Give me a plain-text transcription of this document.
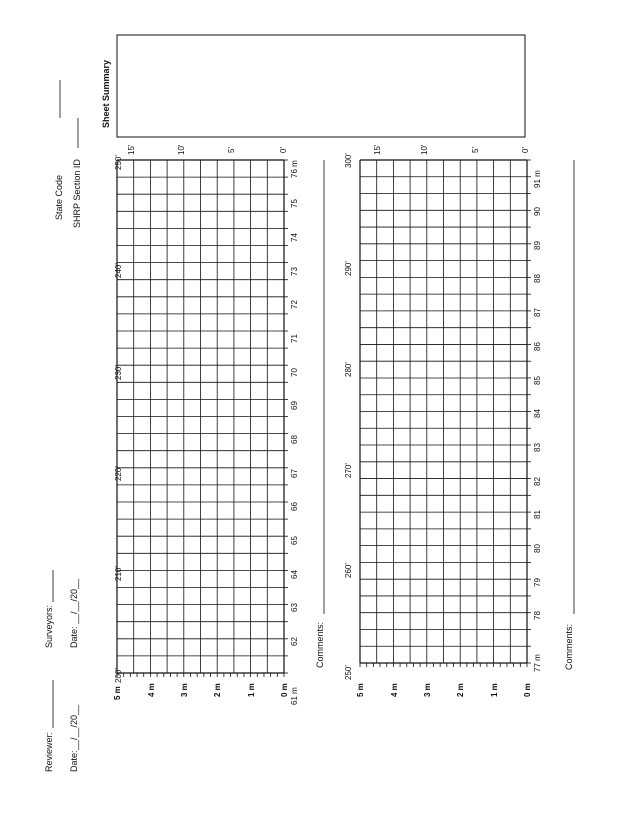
State Code SHRP Section ID
Sheet Summary
200'
210'
220'
230'
240'
250'
15'	10'	5'	0'
5 m	4 m	3 m	2 m	1 m	0 m 61 m
62
63
64
65
66
67
68
69
70
71
72
73
74
75
76 m
Comments:
250'
260'
270'
280'
290'
300'
15'	10'	5'	0'
5 m	4 m	3 m	2 m	1 m	0 m
77 m
78
79
80
81
82
83
84
85
86
87
88
89
90
91 m
Comments:
Reviewer: Date:
__/__/20__
Surveyors: Date:
__/__/20__
